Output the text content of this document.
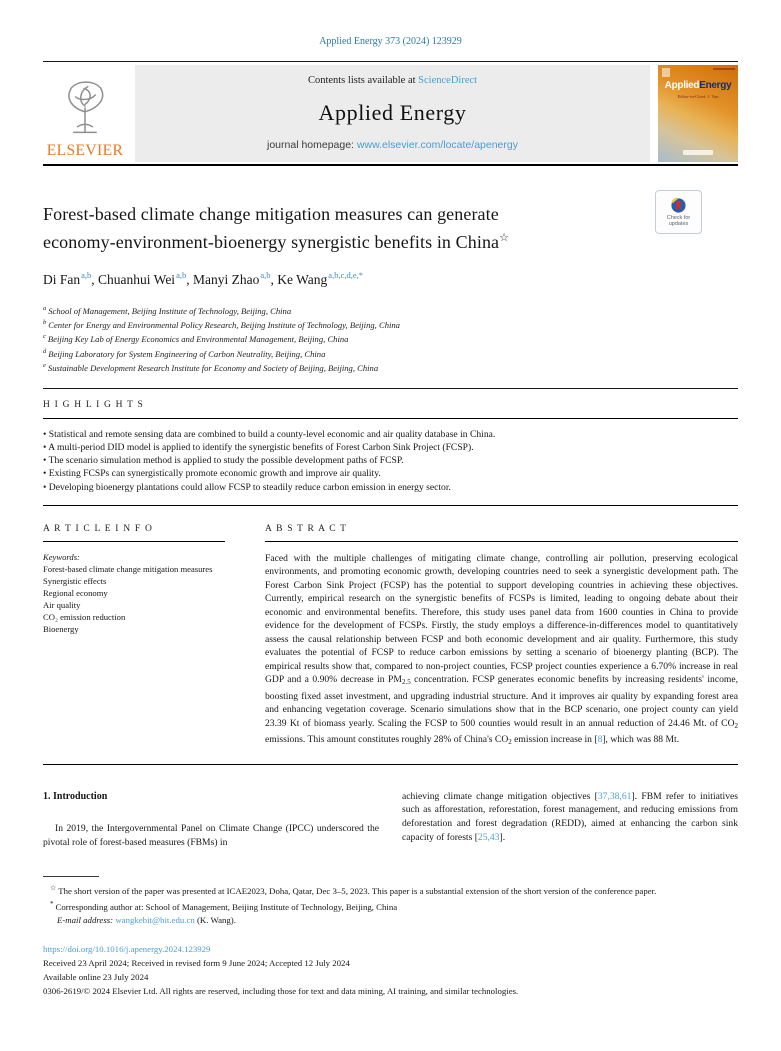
Applied Energy 373 (2024) 123929
ELSEVIER
Contents lists available at ScienceDirect
Applied Energy
journal homepage: www.elsevier.com/locate/apenergy
AppliedEnergy
Editor-in-Chief: J. Yan
Check for
updates
Forest-based climate change mitigation measures can generate
economy-environment-bioenergy synergistic benefits in China☆
Di Fan$^{a,b}$, Chuanhui Wei$^{a,b}$, Manyi Zhao$^{a,b}$, Ke Wang$^{a,b,c,d,e,*}$
$^a$ School of Management, Beijing Institute of Technology, Beijing, China
$^b$ Center for Energy and Environmental Policy Research, Beijing Institute of Technology, Beijing, China
$^c$ Beijing Key Lab of Energy Economics and Environmental Management, Beijing, China
$^d$ Beijing Laboratory for System Engineering of Carbon Neutrality, Beijing, China
$^e$ Sustainable Development Research Institute for Economy and Society of Beijing, Beijing, China
H I G H L I G H T S
• Statistical and remote sensing data are combined to build a county-level economic and air quality database in China.
• A multi-period DID model is applied to identify the synergistic benefits of Forest Carbon Sink Project (FCSP).
• The scenario simulation method is applied to study the possible development paths of FCSP.
• Existing FCSPs can synergistically promote economic growth and improve air quality.
• Developing bioenergy plantations could allow FCSP to steadily reduce carbon emission in energy sector.
A R T I C L E I N F O
Keywords:
Forest-based climate change mitigation measures
Synergistic effects
Regional economy
Air quality
CO₂ emission reduction
Bioenergy
A B S T R A C T
Faced with the multiple challenges of mitigating climate change, controlling air pollution, preserving ecological environments, and promoting economic growth, developing countries need to seek a synergistic development path. The Forest Carbon Sink Project (FCSP) has the potential to support developing countries in achieving these objectives. Currently, empirical research on the synergistic benefits of FCSPs is limited, leading to ongoing debate about their economic and environmental benefits. Therefore, this study uses panel data from 1600 counties in China to provide evidence for the development of FCSPs. Firstly, the study employs a difference-in-differences model to quantitatively assess the causal relationship between FCSP and both economic development and air quality. Furthermore, this study evaluates the potential of FCSP to reduce carbon emissions by setting a scenario of bioenergy planting (BCP). The empirical results show that, compared to non-project counties, FCSP project counties experience a 6.70% increase in real GDP and a 0.90% decrease in $PM_{2.5}$ concentration. FCSP generates economic benefits by increasing residents' income, boosting fixed asset investment, and upgrading industrial structure. And it improves air quality by expanding forest area and enhancing vegetation coverage. Scenario simulations show that in the BCP scenario, one project county can yield 23.39 Kt of biomass yearly. Scaling the FCSP to 500 counties would result in an annual reduction of 24.46 Mt. of $CO_2$ emissions. This amount constitutes roughly 28% of China's $CO_2$ emission increase in [8], which was 88 Mt.

1. Introduction

In 2019, the Intergovernmental Panel on Climate Change (IPCC) underscored the pivotal role of forest-based measures (FBMs) in

achieving climate change mitigation objectives [37,38,61]. FBM refer to initiatives such as afforestation, reforestation, forest management, and reducing emissions from deforestation and forest degradation (REDD), aimed at enhancing the carbon sink capacity of forests [25,43].

☆ The short version of the paper was presented at ICAE2023, Doha, Qatar, Dec 3–5, 2023. This paper is a substantial extension of the short version of the conference paper.

* Corresponding author at: School of Management, Beijing Institute of Technology, Beijing, China

E-mail address: wangkebit@bit.edu.cn (K. Wang).

https://doi.org/10.1016/j.apenergy.2024.123929

Received 23 April 2024; Received in revised form 9 June 2024; Accepted 12 July 2024

Available online 23 July 2024

0306-2619/© 2024 Elsevier Ltd. All rights are reserved, including those for text and data mining, AI training, and similar technologies.
